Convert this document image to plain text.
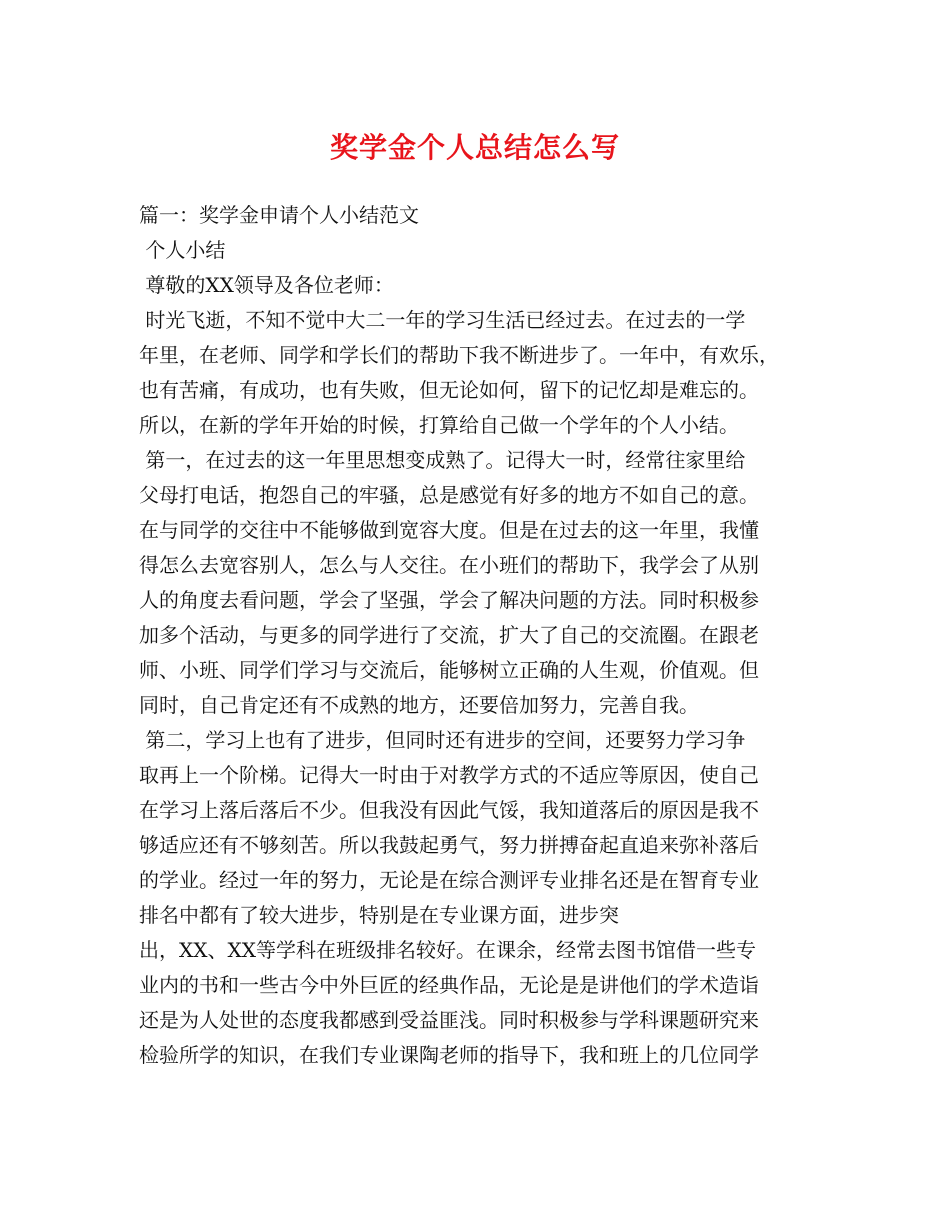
奖学金个人总结怎么写
篇一：奖学金申请个人小结范文
个人小结
尊敬的XX领导及各位老师：
时光飞逝，不知不觉中大二一年的学习生活已经过去。在过去的一学
年里，在老师、同学和学长们的帮助下我不断进步了。一年中，有欢乐，
也有苦痛，有成功，也有失败，但无论如何，留下的记忆却是难忘的。
所以，在新的学年开始的时候，打算给自己做一个学年的个人小结。
第一，在过去的这一年里思想变成熟了。记得大一时，经常往家里给
父母打电话，抱怨自己的牢骚，总是感觉有好多的地方不如自己的意。
在与同学的交往中不能够做到宽容大度。但是在过去的这一年里，我懂
得怎么去宽容别人，怎么与人交往。在小班们的帮助下，我学会了从别
人的角度去看问题，学会了坚强，学会了解决问题的方法。同时积极参
加多个活动，与更多的同学进行了交流，扩大了自己的交流圈。在跟老
师、小班、同学们学习与交流后，能够树立正确的人生观，价值观。但
同时，自己肯定还有不成熟的地方，还要倍加努力，完善自我。
第二，学习上也有了进步，但同时还有进步的空间，还要努力学习争
取再上一个阶梯。记得大一时由于对教学方式的不适应等原因，使自己
在学习上落后落后不少。但我没有因此气馁，我知道落后的原因是我不
够适应还有不够刻苦。所以我鼓起勇气，努力拼搏奋起直追来弥补落后
的学业。经过一年的努力，无论是在综合测评专业排名还是在智育专业
排名中都有了较大进步，特别是在专业课方面，进步突
出，XX、XX等学科在班级排名较好。在课余，经常去图书馆借一些专
业内的书和一些古今中外巨匠的经典作品，无论是是讲他们的学术造诣
还是为人处世的态度我都感到受益匪浅。同时积极参与学科课题研究来
检验所学的知识，在我们专业课陶老师的指导下，我和班上的几位同学
